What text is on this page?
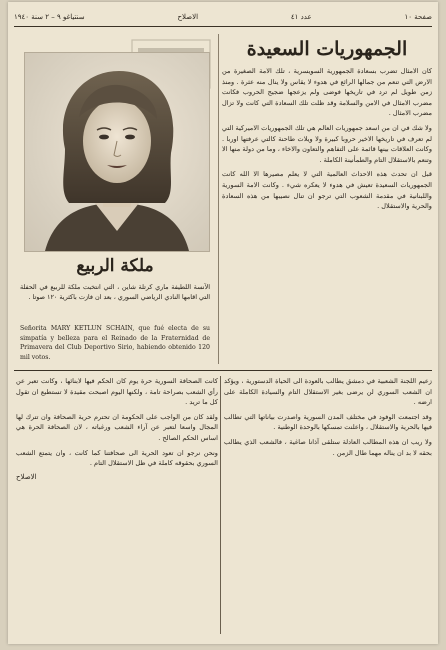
صفحة ١٠
عدد ٤١
الاصلاح
سنتياغو ٩ – ٢ سنة ١٩٤٠
الجمهوريات السعيدة

كان الامثال تضرب بسعادة الجمهورية السويسرية ، تلك الامة الصغيرة من الارض التي تنعم من جمالها الرائع في هدوء لا يقاس ولا ينال منه عثرة . ومنذ زمن طويل لم ترد في تاريخها فوضى ولم يزعجها ضجيج الحروب فكانت مضرب الامثال في الامن والسلامة وقد ظلت تلك السعادة التي كانت ولا تزال مضرب الامثال .

ولا شك في ان من اسعد جمهوريات العالم هي تلك الجمهوريات الاميركية التي لم تعرف في تاريخها الاخير حروبا كبيرة ولا ويلات طاحنة كالتي عرفتها اوربا . وكانت العلاقات بينها قائمة على التفاهم والتعاون والاخاء ، وما من دولة منها الا وتنعم بالاستقلال التام والطمأنينة الكاملة .

قبل ان تحدث هذه الاحداث العالمية التي لا يعلم مصيرها الا الله كانت الجمهوريات السعيدة تعيش في هدوء لا يعكره شيء . وكانت الامة السورية واللبنانية في مقدمة الشعوب التي ترجو ان تنال نصيبها من هذه السعادة والحرية والاستقلال .

ملكة الربيع
الآنسة اللطيفة ماري كرتلة شاين ، التي انتخبت ملكة للربيع في الحفلة التي اقامها النادي الرياضي السوري ، بعد ان فازت باكثرية ١٢٠ صوتا .
Señorita MARY KETLUN SCHAIN, que fué electa de su simpatía y belleza para el Reinado de la Fraternidad de Primavera del Club Deportivo Sirio, habiendo obtenido 120 mil votos.

كانت الصحافة السورية حرة يوم كان الحكم فيها لابنائها ، وكانت تعبر عن رأي الشعب بصراحة تامة ، ولكنها اليوم اصبحت مقيدة لا تستطيع ان تقول كل ما تريد .

ولقد كان من الواجب على الحكومة ان تحترم حرية الصحافة وان تترك لها المجال واسعا لتعبر عن آراء الشعب ورغباته ، لان الصحافة الحرة هي اساس الحكم الصالح .

ونحن نرجو ان تعود الحرية الى صحافتنا كما كانت ، وان يتمتع الشعب السوري بحقوقه كاملة في ظل الاستقلال التام .

الاصلاح

زعيم اللجنة الشعبية في دمشق يطالب بالعودة الى الحياة الدستورية ، ويؤكد ان الشعب السوري لن يرضى بغير الاستقلال التام والسيادة الكاملة على ارضه .

وقد اجتمعت الوفود في مختلف المدن السورية واصدرت بياناتها التي تطالب فيها بالحرية والاستقلال ، واعلنت تمسكها بالوحدة الوطنية .

ولا ريب ان هذه المطالب العادلة ستلقى آذانا صاغية ، فالشعب الذي يطالب بحقه لا بد ان يناله مهما طال الزمن .
